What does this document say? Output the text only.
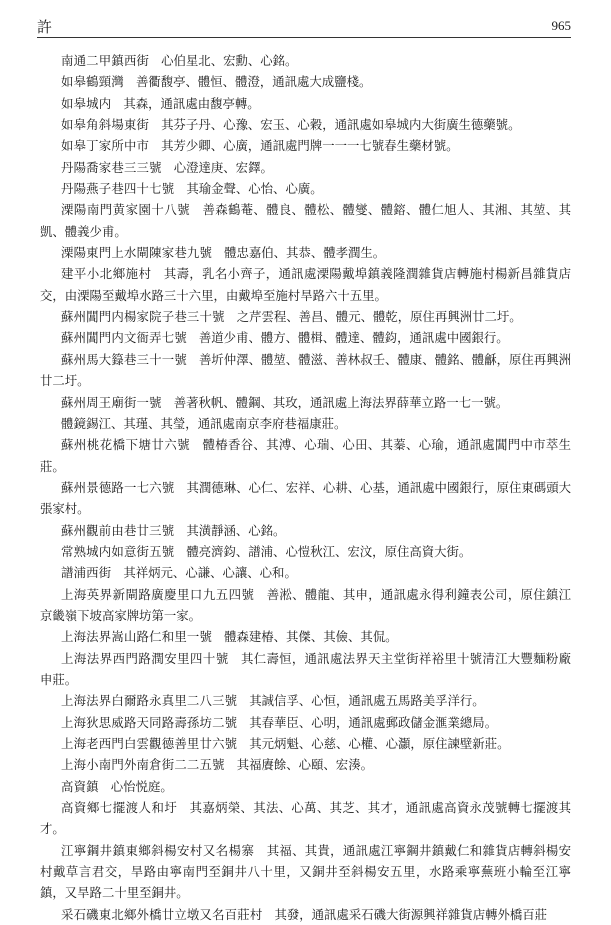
許	965

南通二甲鎮西街 心伯星北、宏勳、心銘。

如皋鶴頸灣 善衢馥亭、體恒、體澄，通訊處大成鹽棧。

如皋城内 其森，通訊處由馥亭轉。

如皋角斜場東街 其芬子丹、心豫、宏玉、心穀，通訊處如皋城内大街廣生德藥號。

如皋丁家所中市 其芳少卿、心廣，通訊處門牌一一一七號春生藥材號。

丹陽喬家巷三三號 心澄達庚、宏鐸。

丹陽燕子巷四十七號 其瑜金聲、心怡、心廣。

溧陽南門黄家園十八號 善森鶴菴、體良、體松、體燮、體鎔、體仁旭人、其湘、其堃、其凱、體義少甫。

溧陽東門上水閘陳家巷九號 體忠嘉伯、其恭、體孝潤生。

建平小北鄉施村 其壽，乳名小齊子，通訊處溧陽戴埠鎮義隆潤雜貨店轉施村楊新昌雜貨店交，由溧陽至戴埠水路三十六里，由戴埠至施村旱路六十五里。

蘇州閶門内楊家院子巷三十號 之芹雲程、善昌、體元、體乾，原住再興洲廿二圩。

蘇州閶門内文衙弄七號 善道少甫、體方、體楫、體達、體鈞，通訊處中國銀行。

蘇州馬大籙巷三十一號 善圻仲澤、體堃、體滋、善林叔壬、體康、體銘、體龢，原住再興洲廿二圩。

蘇州周王廟街一號 善著秋帆、體鋼、其玫，通訊處上海法界薛華立路一七一號。

體鏡錫江、其瑾、其瑩，通訊處南京李府巷福康莊。

蘇州桃花橋下塘廿六號 體椿香谷、其溥、心瑞、心田、其蓁、心瑜，通訊處閶門中市萃生莊。

蘇州景德路一七六號 其潤德琳、心仁、宏祥、心耕、心基，通訊處中國銀行，原住東碼頭大張家村。

蘇州觀前由巷廿三號 其潢靜涵、心銘。

常熟城内如意街五號 體亮濟鈞、譜浦、心愷秋江、宏汶，原住高資大街。

譜浦西街 其祥炳元、心謙、心讓、心和。

上海英界新閘路廣慶里口九五四號 善淞、體龍、其申，通訊處永得利鐘表公司，原住鎮江京畿嶺下坡高家牌坊第一家。

上海法界嵩山路仁和里一號 體森建椿、其傑、其儉、其侃。

上海法界西門路潤安里四十號 其仁壽恒，通訊處法界天主堂街祥裕里十號清江大豐麵粉廠申莊。

上海法界白爾路永真里二八三號 其誠信孚、心恒，通訊處五馬路美孚洋行。

上海狄思威路天同路壽孫坊二號 其春華臣、心明，通訊處郵政儲金滙業總局。

上海老西門白雲觀德善里廿六號 其元炳魁、心慈、心權、心灝，原住諫壁新莊。

上海小南門外南倉街二二五號 其福賡餘、心頤、宏湊。

高資鎮 心怡悦庭。

高資鄉七擺渡人和圩 其嘉炳榮、其法、心萬、其芝、其才，通訊處高資永茂號轉七擺渡其才。

江寧鋼井鎮東鄉斜楊安村又名楊寨 其福、其貴，通訊處江寧鋼井鎮戴仁和雜貨店轉斜楊安村戴草言君交，旱路由寧南門至銅井八十里，又銅井至斜楊安五里，水路乘寧蕪班小輪至江寧鎮，又旱路二十里至銅井。

采石磯東北鄉外橋廿立墩又名百莊村 其發，通訊處采石磯大街源興祥雜貨店轉外橋百莊
